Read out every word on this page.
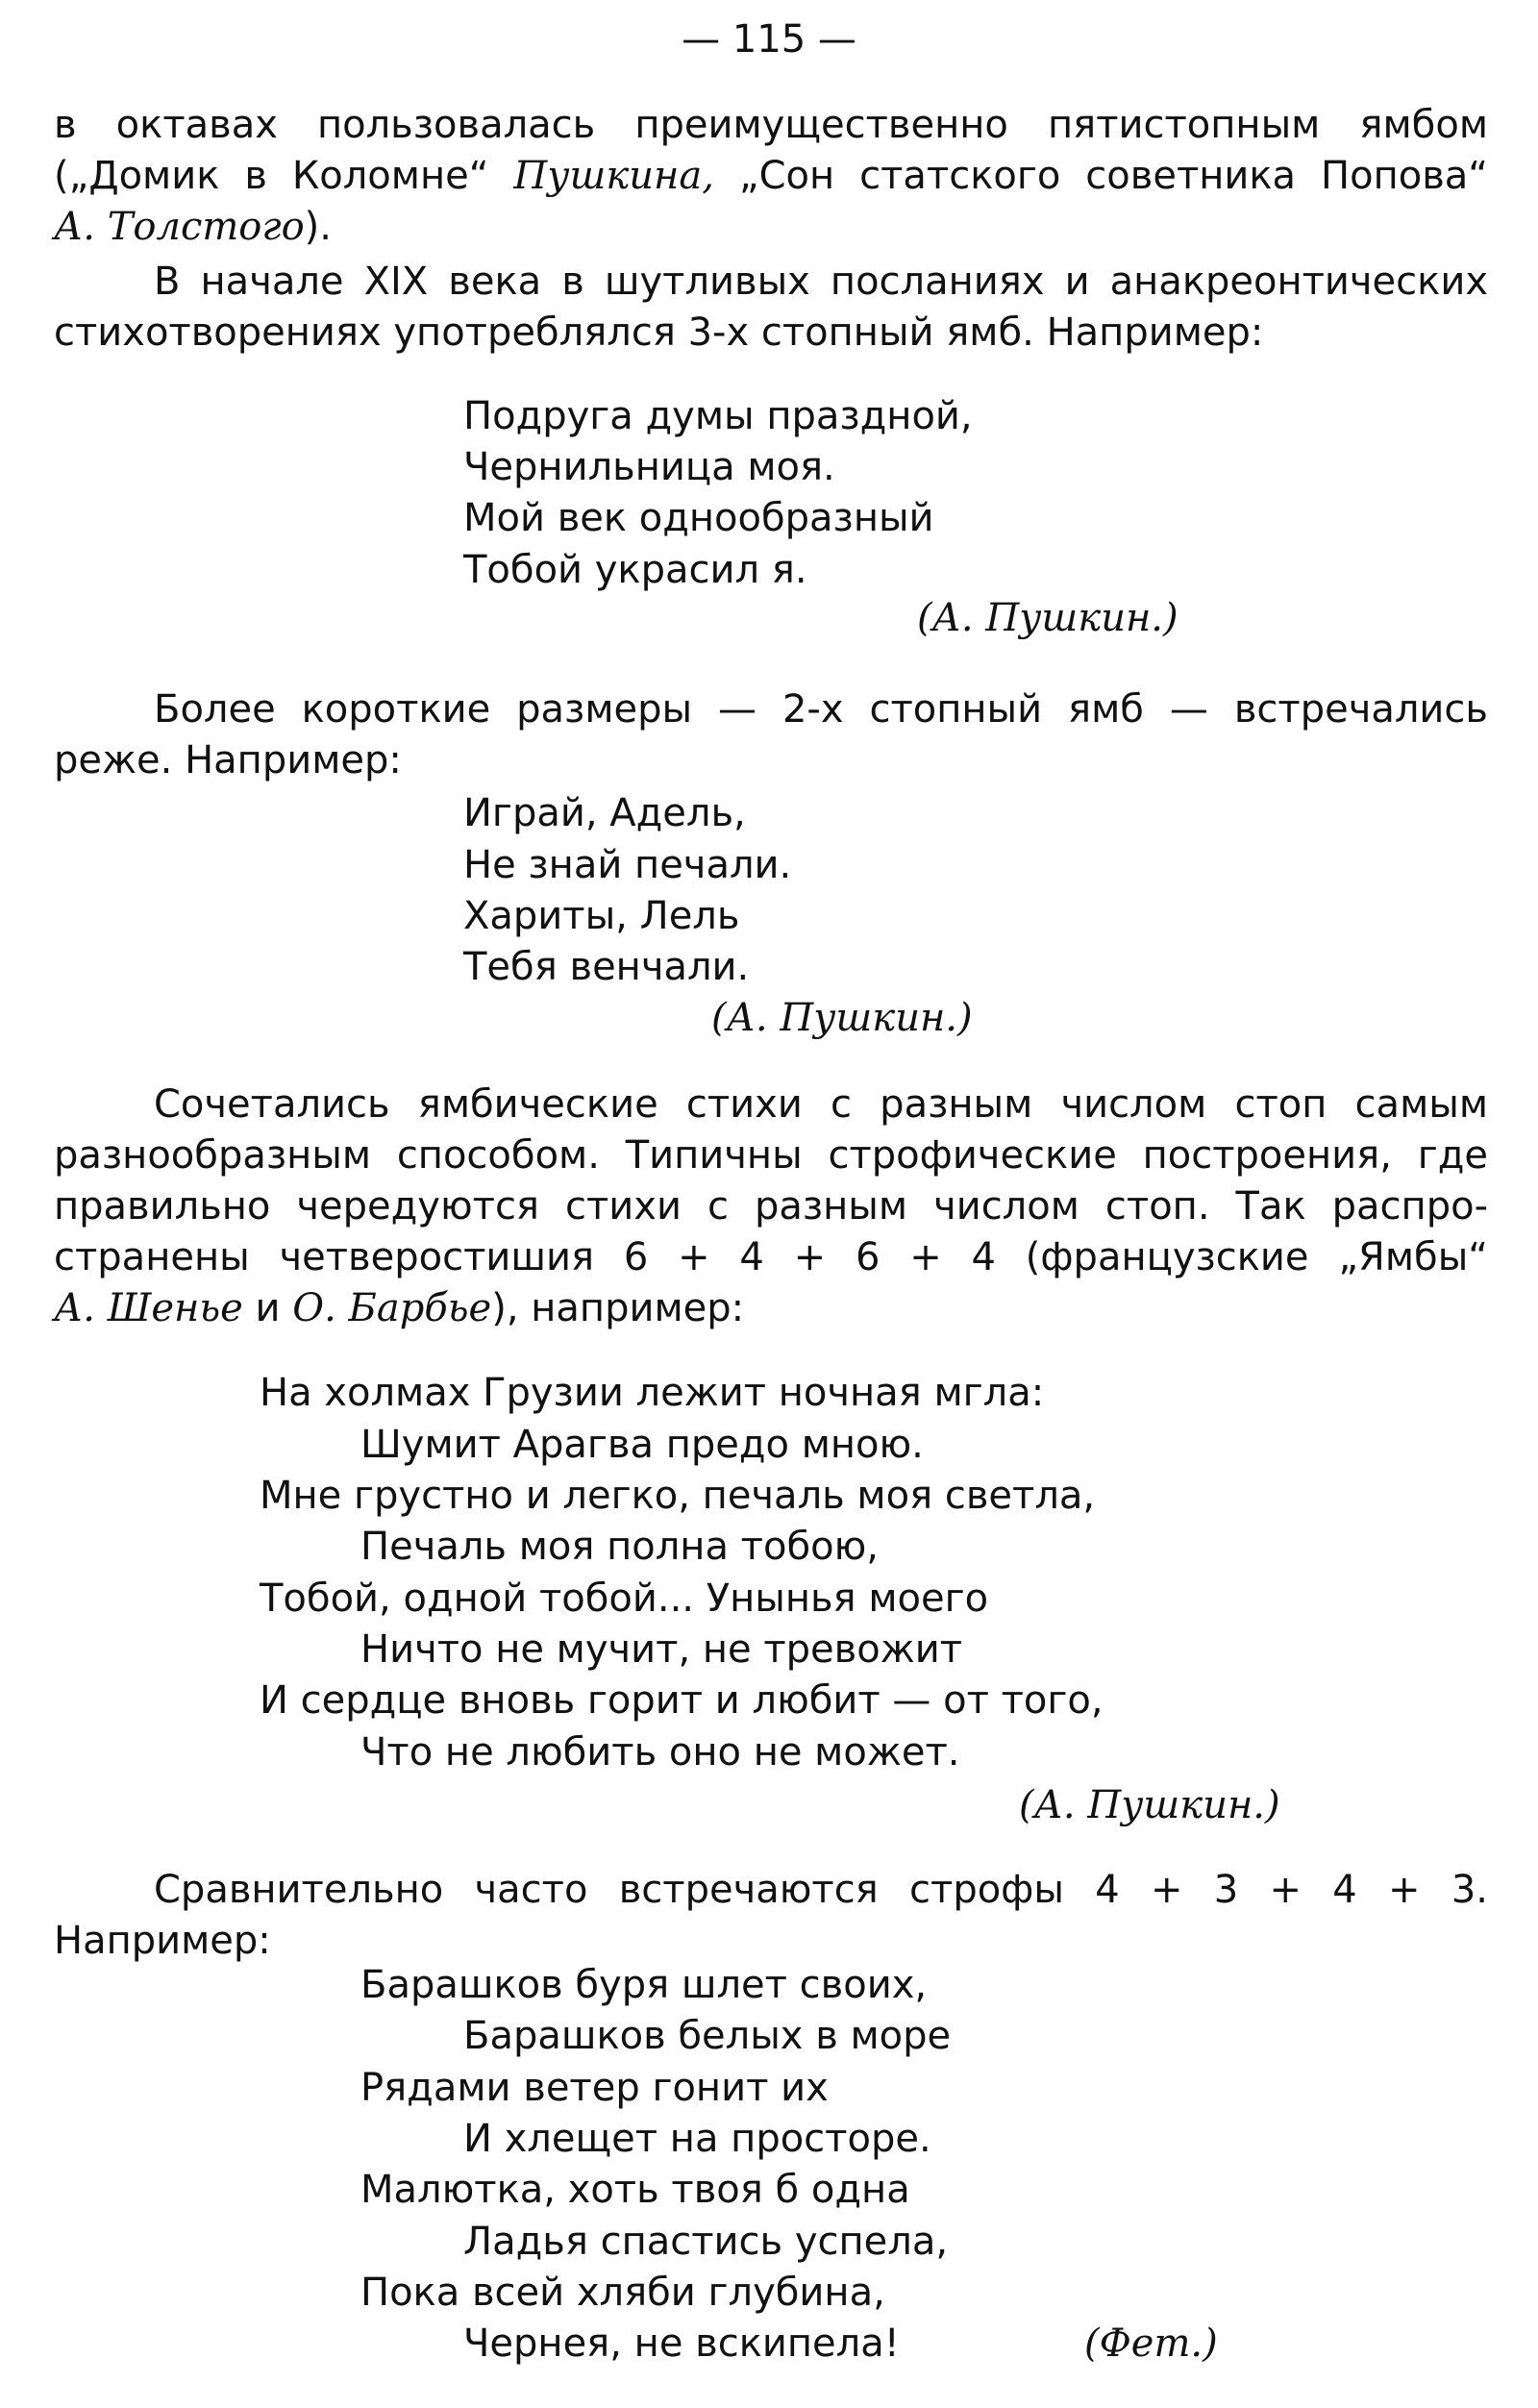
— 115 —
в октавах пользовалась преимущественно пятистопным ямбом
(„Домик в Коломне“ Пушкина, „Сон статского советника Попова“
А. Толстого).
В начале XIX века в шутливых посланиях и анакреонтических
стихотворениях употреблялся 3-х стопный ямб. Например:
Подруга думы праздной,
Чернильница моя.
Мой век однообразный
Тобой украсил я.
(А. Пушкин.)
Более короткие размеры — 2-х стопный ямб — встречались
реже. Например:
Играй, Адель,
Не знай печали.
Хариты, Лель
Тебя венчали.
(А. Пушкин.)
Сочетались ямбические стихи с разным числом стоп самым
разнообразным способом. Типичны строфические построения, где
правильно чередуются стихи с разным числом стоп. Так распро-
странены четверостишия 6 + 4 + 6 + 4 (французские „Ямбы“
А. Шенье и О. Барбье), например:
На холмах Грузии лежит ночная мгла:
Шумит Арагва предо мною.
Мне грустно и легко, печаль моя светла,
Печаль моя полна тобою,
Тобой, одной тобой... Унынья моего
Ничто не мучит, не тревожит
И сердце вновь горит и любит — от того,
Что не любить оно не может.
(А. Пушкин.)
Сравнительно часто встречаются строфы 4 + 3 + 4 + 3.
Например:
Барашков буря шлет своих,
Барашков белых в море
Рядами ветер гонит их
И хлещет на просторе.
Малютка, хоть твоя б одна
Ладья спастись успела,
Пока всей хляби глубина,
Чернея, не вскипела!	(Фет.)
